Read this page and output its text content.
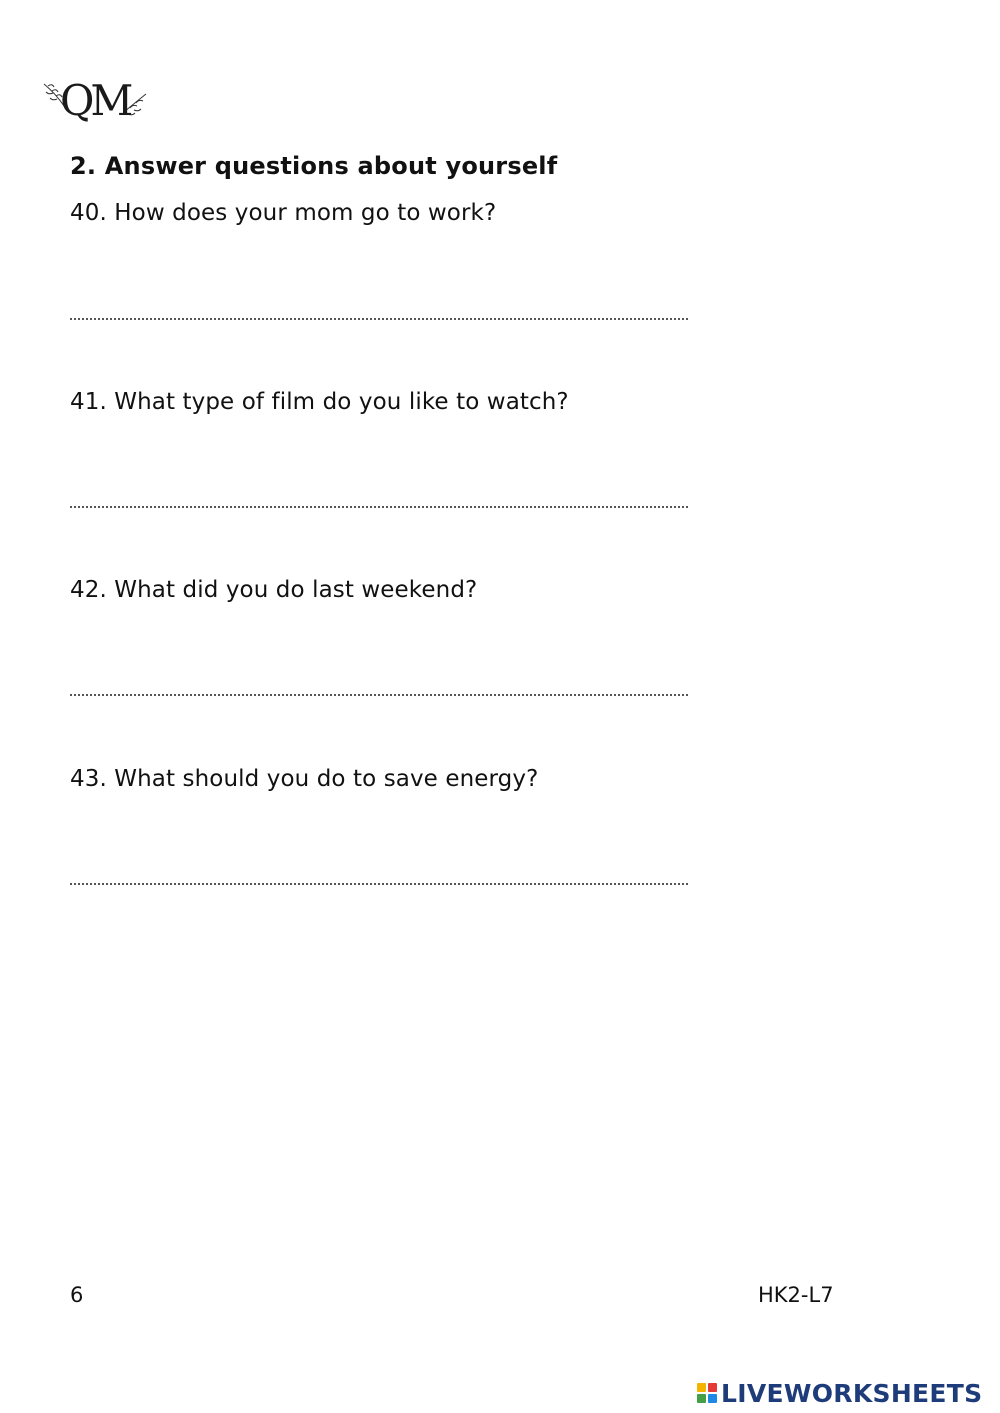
QM
2. Answer questions about yourself

40. How does your mom go to work?

41. What type of film do you like to watch?

42. What did you do last weekend?

43. What should you do to save energy?

6	HK2-L7
LIVEWORKSHEETS
